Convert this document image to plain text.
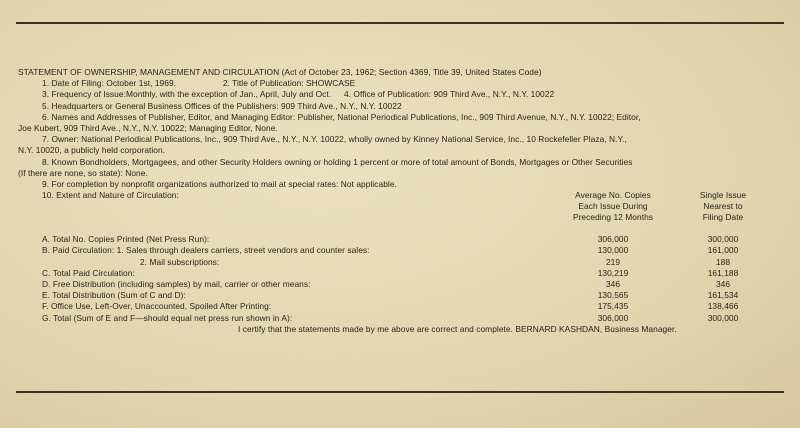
STATEMENT OF OWNERSHIP, MANAGEMENT AND CIRCULATION (Act of October 23, 1962; Section 4369, Title 39, United States Code)

1. Date of Filing: October 1st, 1969.	2. Title of Publication: SHOWCASE

3. Frequency of Issue:Monthly, with the exception of Jan., April, July and Oct. 4. Office of Publication: 909 Third Ave., N.Y., N.Y. 10022

5. Headquarters or General Business Offices of the Publishers: 909 Third Ave., N.Y., N.Y. 10022

6. Names and Addresses of Publisher, Editor, and Managing Editor: Publisher, National Periodical Publications, Inc., 909 Third Avenue, N.Y., N.Y. 10022; Editor,

Joe Kubert, 909 Third Ave., N.Y., N.Y. 10022; Managing Editor, None.

7. Owner: National Periodical Publications, Inc., 909 Third Ave., N.Y., N.Y. 10022, wholly owned by Kinney National Service, Inc., 10 Rockefeller Plaza, N.Y.,

N.Y. 10020, a publicly held corporation.

8. Known Bondholders, Mortgagees, and other Security Holders owning or holding 1 percent or more of total amount of Bonds, Mortgages or Other Securities

(If there are none, so state): None.

9. For completion by nonprofit organizations authorized to mail at special rates: Not applicable.

10. Extent and Nature of Circulation:	Average No. Copies
Each Issue During
Preceding 12 Months
Single Issue
Nearest to
Filing Date
A. Total No. Copies Printed (Net Press Run):	306,000	300,000
B. Paid Circulation: 1. Sales through dealers carriers, street vendors and counter sales:	130,000	161,000
2. Mail subscriptions:	219	188
C. Total Paid Circulation:	130,219	161,188
D. Free Distribution (including samples) by mail, carrier or other means:	346	346
E. Total Distribution (Sum of C and D):	130,565	161,534
F. Office Use, Left-Over, Unaccounted, Spoiled After Printing:	175,435	138,466
G. Total (Sum of E and F—should equal net press run shown in A):	306,000	300,000

I certify that the statements made by me above are correct and complete. BERNARD KASHDAN, Business Manager.
